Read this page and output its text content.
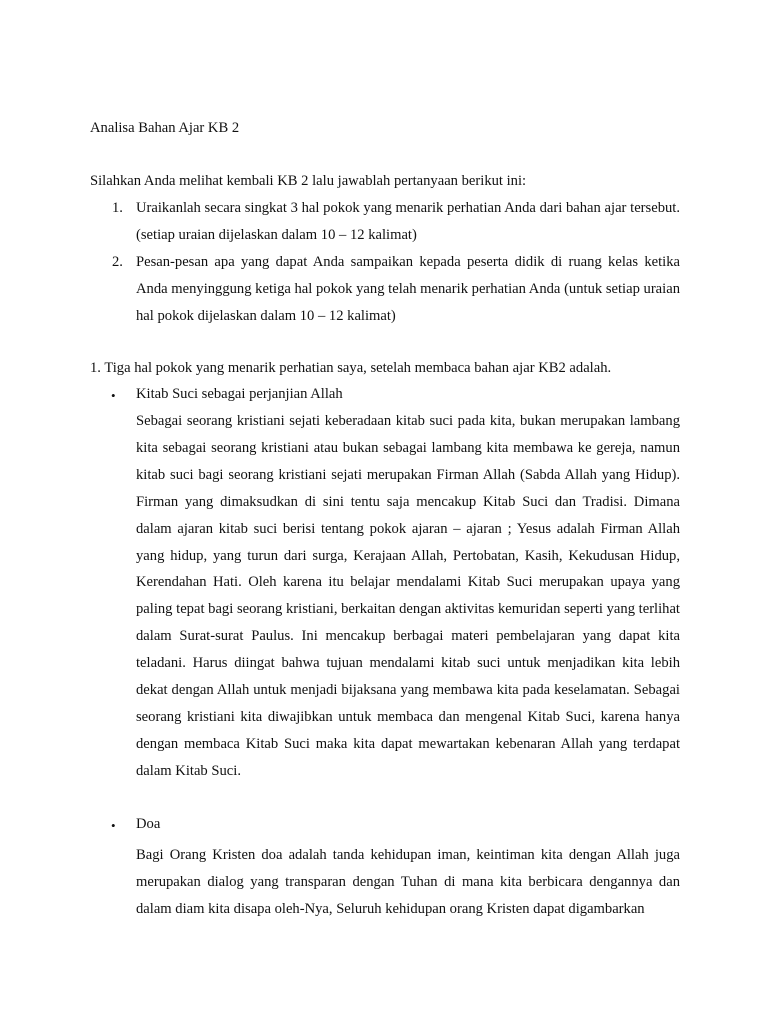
Analisa Bahan Ajar KB 2
Silahkan Anda melihat kembali KB 2 lalu jawablah pertanyaan berikut ini:
1. Uraikanlah secara singkat 3 hal pokok yang menarik perhatian Anda dari bahan ajar tersebut. (setiap uraian dijelaskan dalam 10 – 12 kalimat)
2. Pesan-pesan apa yang dapat Anda sampaikan kepada peserta didik di ruang kelas ketika Anda menyinggung ketiga hal pokok yang telah menarik perhatian Anda (untuk setiap uraian hal pokok dijelaskan dalam 10 – 12 kalimat)
1. Tiga hal pokok yang menarik perhatian saya, setelah membaca bahan ajar KB2 adalah.
• Kitab Suci sebagai perjanjian Allah

Sebagai seorang kristiani sejati keberadaan kitab suci pada kita, bukan merupakan lambang kita sebagai seorang kristiani atau bukan sebagai lambang kita membawa ke gereja, namun kitab suci bagi seorang kristiani sejati merupakan Firman Allah (Sabda Allah yang Hidup). Firman yang dimaksudkan di sini tentu saja mencakup Kitab Suci dan Tradisi. Dimana dalam ajaran kitab suci berisi tentang pokok ajaran – ajaran ; Yesus adalah Firman Allah yang hidup, yang turun dari surga, Kerajaan Allah, Pertobatan, Kasih, Kekudusan Hidup, Kerendahan Hati. Oleh karena itu belajar mendalami Kitab Suci merupakan upaya yang paling tepat bagi seorang kristiani, berkaitan dengan aktivitas kemuridan seperti yang terlihat dalam Surat-surat Paulus. Ini mencakup berbagai materi pembelajaran yang dapat kita teladani. Harus diingat bahwa tujuan mendalami kitab suci untuk menjadikan kita lebih dekat dengan Allah untuk menjadi bijaksana yang membawa kita pada keselamatan. Sebagai seorang kristiani kita diwajibkan untuk membaca dan mengenal Kitab Suci, karena hanya dengan membaca Kitab Suci maka kita dapat mewartakan kebenaran Allah yang terdapat dalam Kitab Suci.

• Doa

Bagi Orang Kristen doa adalah tanda kehidupan iman, keintiman kita dengan Allah juga merupakan dialog yang transparan dengan Tuhan di mana kita berbicara dengannya dan dalam diam kita disapa oleh-Nya, Seluruh kehidupan orang Kristen dapat digambarkan
